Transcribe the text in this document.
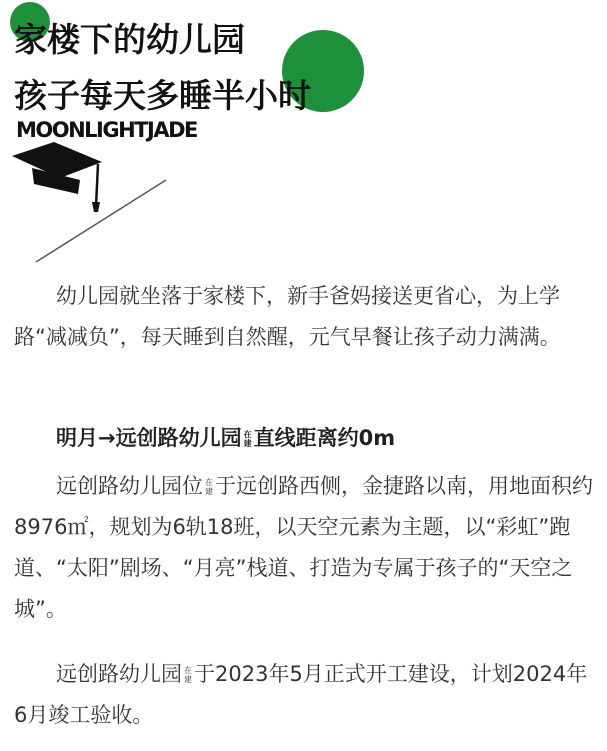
家楼下的幼儿园
孩子每天多睡半小时
MOONLIGHTJADE
幼儿园就坐落于家楼下，新手爸妈接送更省心，为上学路“减减负”，每天睡到自然醒，元气早餐让孩子动力满满。
明月→远创路幼儿园 在
建 直线距离约0m
远创路幼儿园位 在
建 于远创路西侧，金捷路以南，用地面积约8976㎡，规划为6轨18班，以天空元素为主题，以“彩虹”跑道、“太阳”剧场、“月亮”栈道、打造为专属于孩子的“天空之城”。
远创路幼儿园 在
建 于2023年5月正式开工建设，计划2024年6月竣工验收。
